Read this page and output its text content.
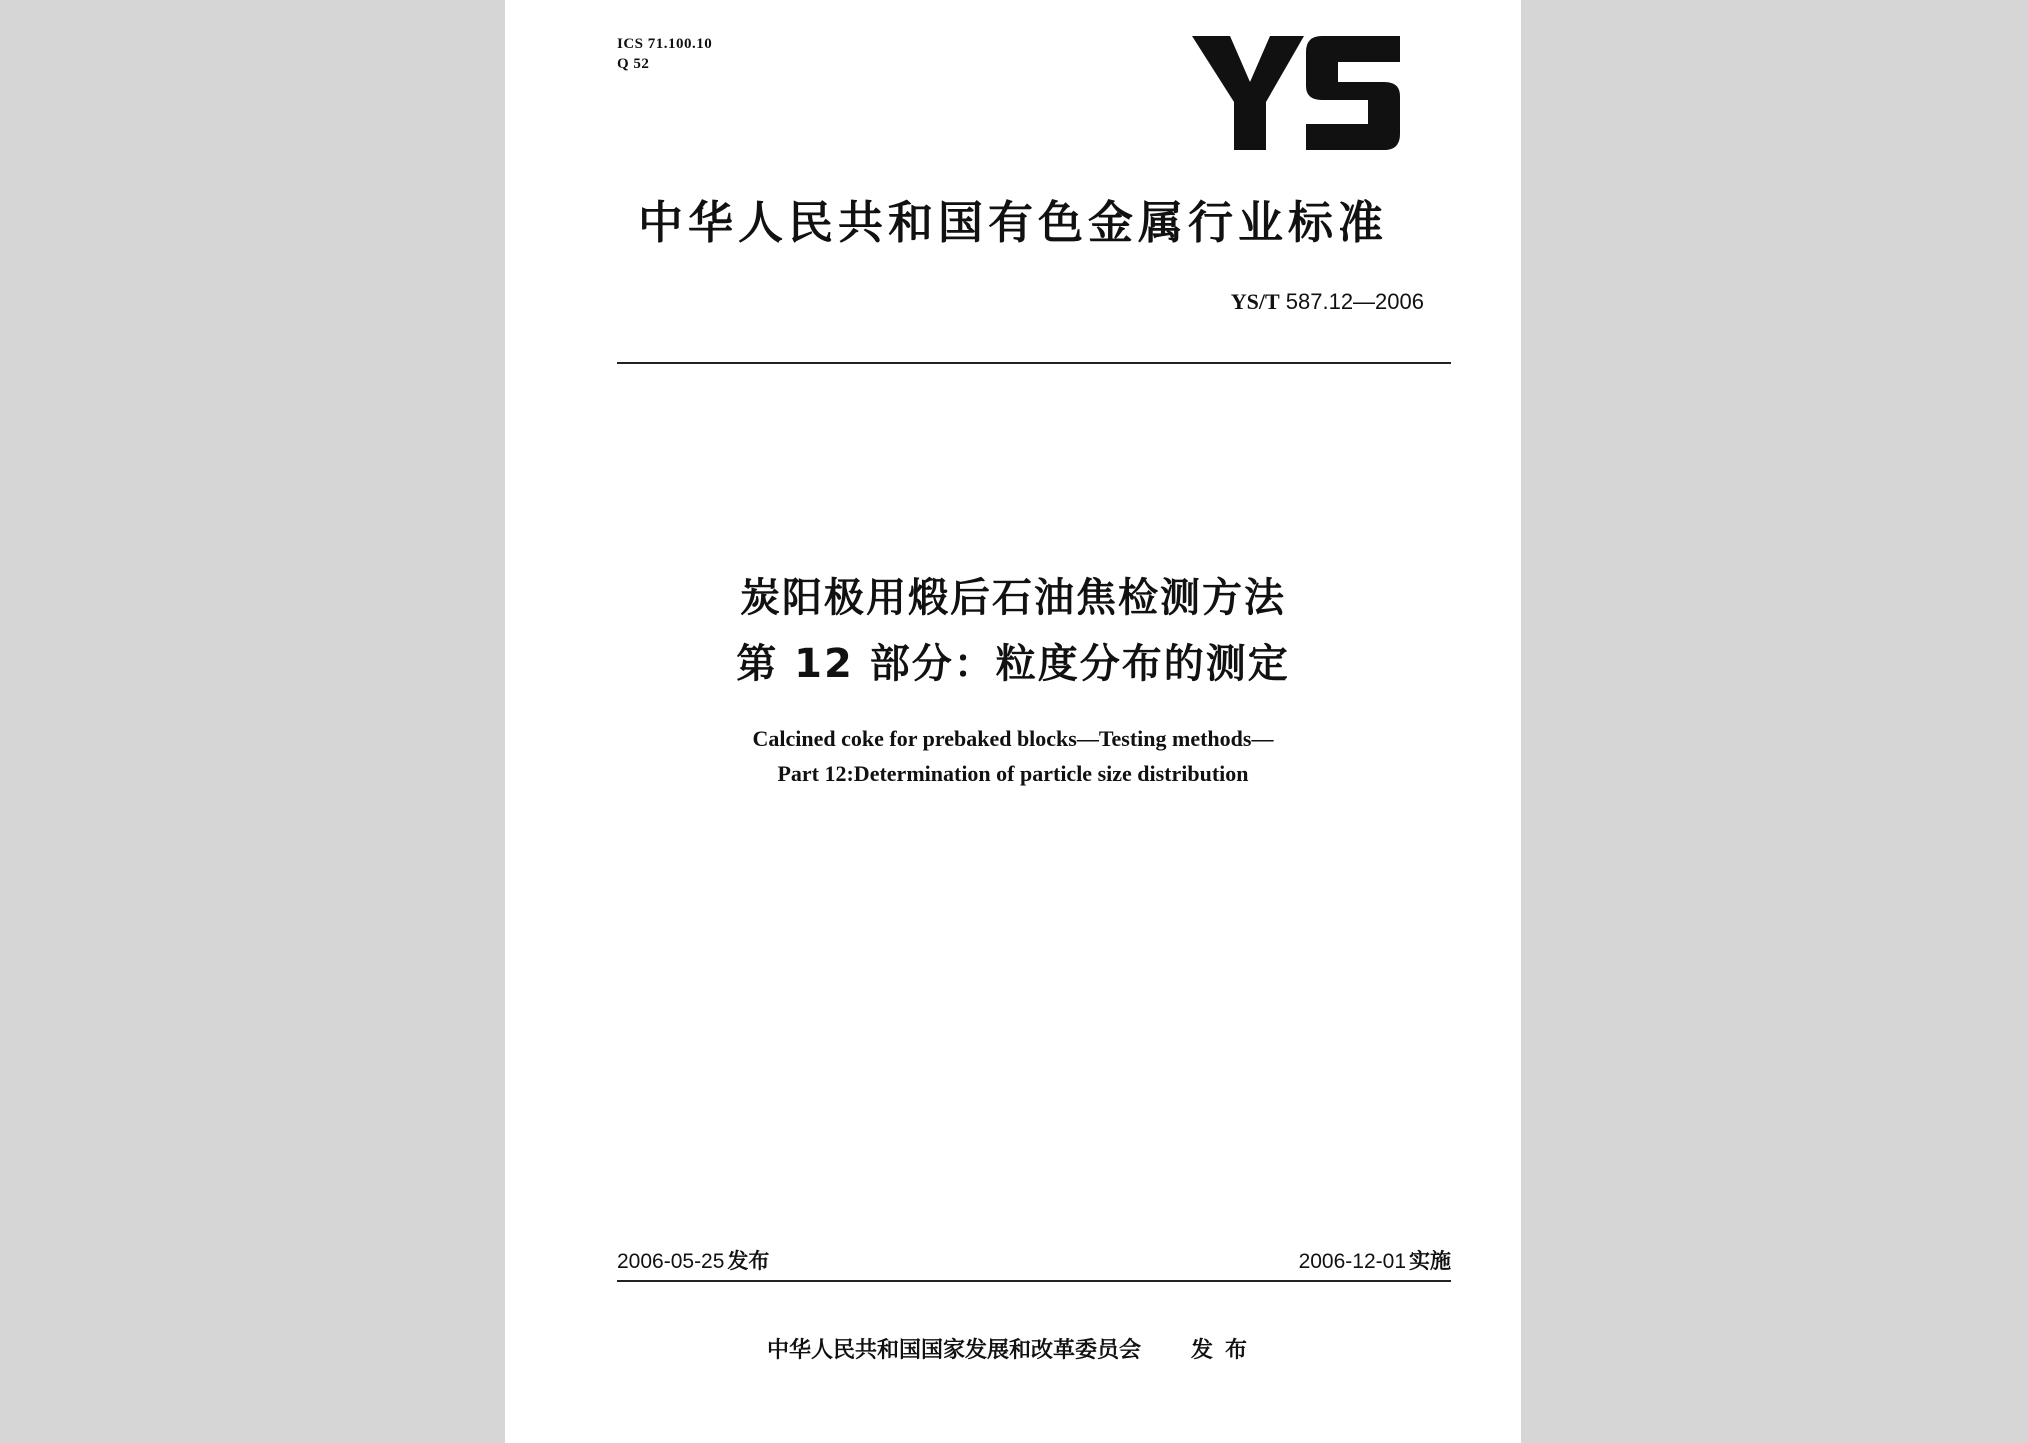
ICS 71.100.10
Q 52
中华人民共和国有色金属行业标准
YS/T 587.12—2006
炭阳极用煅后石油焦检测方法
第 12 部分：粒度分布的测定
Calcined coke for prebaked blocks—Testing methods—
Part 12:Determination of particle size distribution
2006-05-25 发布	2006-12-01 实施
中华人民共和国国家发展和改革委员会 发布
